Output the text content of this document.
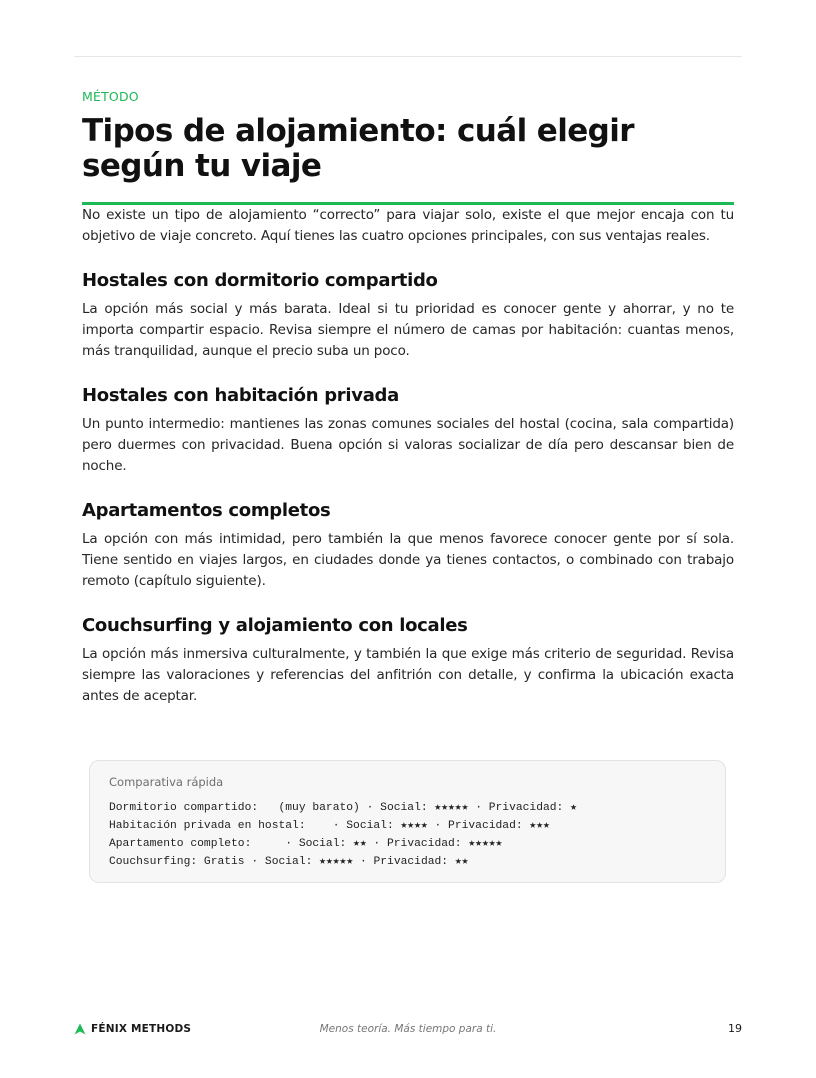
MÉTODO

Tipos de alojamiento: cuál elegir según tu viaje

No existe un tipo de alojamiento “correcto” para viajar solo, existe el que mejor encaja con tu objetivo de viaje concreto. Aquí tienes las cuatro opciones principales, con sus ventajas reales.

Hostales con dormitorio compartido

La opción más social y más barata. Ideal si tu prioridad es conocer gente y ahorrar, y no te importa compartir espacio. Revisa siempre el número de camas por habitación: cuantas menos, más tranquilidad, aunque el precio suba un poco.

Hostales con habitación privada

Un punto intermedio: mantienes las zonas comunes sociales del hostal (cocina, sala compartida) pero duermes con privacidad. Buena opción si valoras socializar de día pero descansar bien de noche.

Apartamentos completos

La opción con más intimidad, pero también la que menos favorece conocer gente por sí sola. Tiene sentido en viajes largos, en ciudades donde ya tienes contactos, o combinado con trabajo remoto (capítulo siguiente).

Couchsurfing y alojamiento con locales

La opción más inmersiva culturalmente, y también la que exige más criterio de seguridad. Revisa siempre las valoraciones y referencias del anfitrión con detalle, y confirma la ubicación exacta antes de aceptar.

Comparativa rápida

Dormitorio compartido:   (muy barato) · Social: ★★★★★ · Privacidad: ★

Habitación privada en hostal:    · Social: ★★★★ · Privacidad: ★★★

Apartamento completo:     · Social: ★★ · Privacidad: ★★★★★

Couchsurfing: Gratis · Social: ★★★★★ · Privacidad: ★★

FÉNIX METHODS	Menos teoría. Más tiempo para ti.	19
